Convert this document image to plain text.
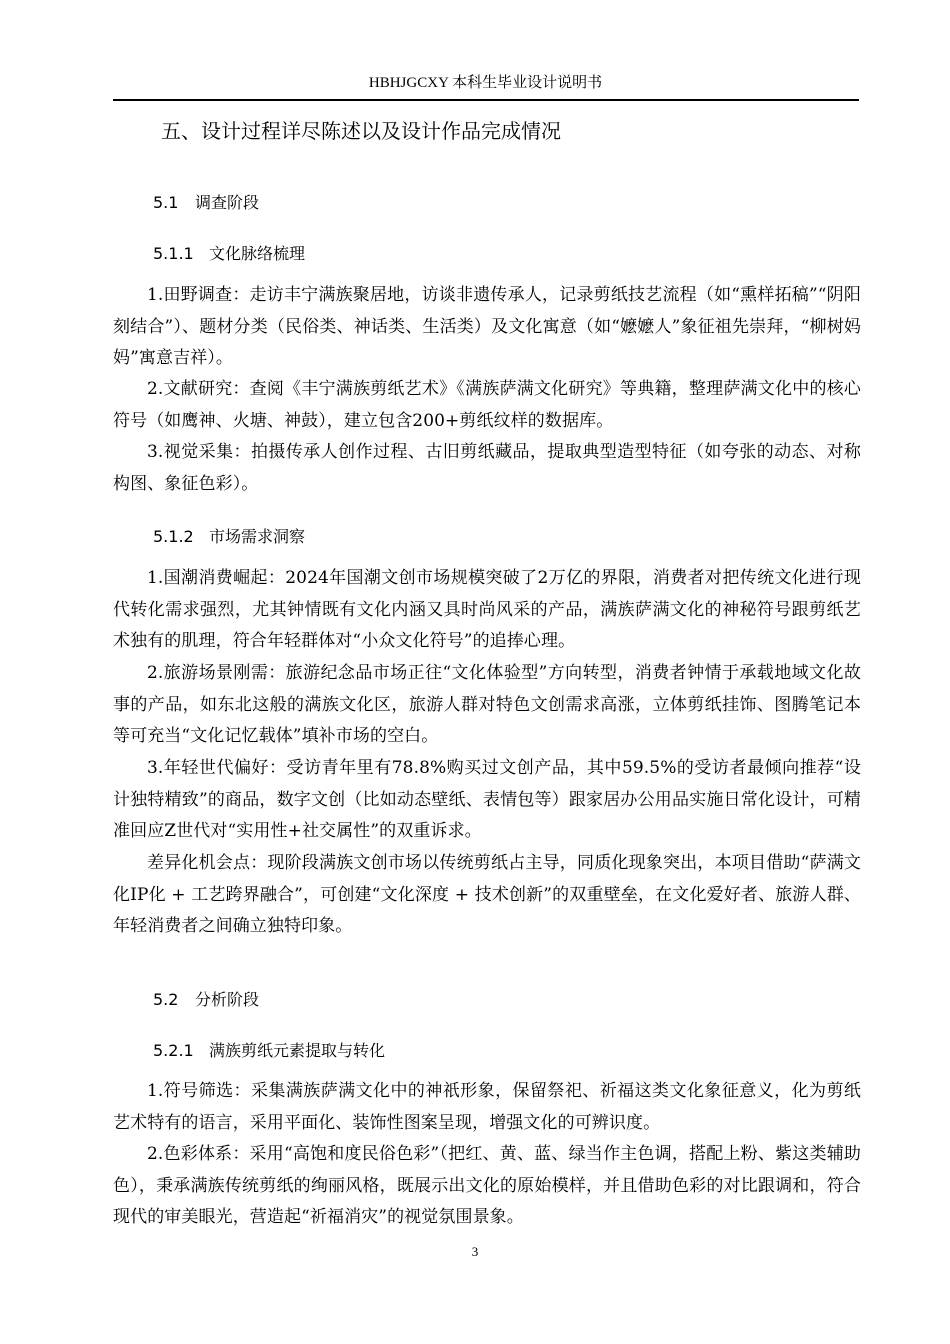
HBHJGCXY 本科生毕业设计说明书
五、设计过程详尽陈述以及设计作品完成情况
5.1 调查阶段
5.1.1 文化脉络梳理

1.田野调查：走访丰宁满族聚居地，访谈非遗传承人，记录剪纸技艺流程（如“熏样拓稿”“阴阳刻结合”）、题材分类（民俗类、神话类、生活类）及文化寓意（如“嬷嬷人”象征祖先崇拜，“柳树妈妈”寓意吉祥）。

2.文献研究：查阅《丰宁满族剪纸艺术》《满族萨满文化研究》等典籍，整理萨满文化中的核心符号（如鹰神、火塘、神鼓），建立包含200+剪纸纹样的数据库。

3.视觉采集：拍摄传承人创作过程、古旧剪纸藏品，提取典型造型特征（如夸张的动态、对称构图、象征色彩）。

5.1.2 市场需求洞察

1.国潮消费崛起：2024年国潮文创市场规模突破了2万亿的界限，消费者对把传统文化进行现代转化需求强烈，尤其钟情既有文化内涵又具时尚风采的产品，满族萨满文化的神秘符号跟剪纸艺术独有的肌理，符合年轻群体对“小众文化符号”的追捧心理。

2.旅游场景刚需：旅游纪念品市场正往“文化体验型”方向转型，消费者钟情于承载地域文化故事的产品，如东北这般的满族文化区，旅游人群对特色文创需求高涨，立体剪纸挂饰、图腾笔记本等可充当“文化记忆载体”填补市场的空白。

3.年轻世代偏好：受访青年里有78.8%购买过文创产品，其中59.5%的受访者最倾向推荐“设计独特精致”的商品，数字文创（比如动态壁纸、表情包等）跟家居办公用品实施日常化设计，可精准回应Z世代对“实用性+社交属性”的双重诉求。

差异化机会点：现阶段满族文创市场以传统剪纸占主导，同质化现象突出，本项目借助“萨满文化IP化 + 工艺跨界融合”，可创建“文化深度 + 技术创新”的双重壁垒，在文化爱好者、旅游人群、年轻消费者之间确立独特印象。

5.2 分析阶段
5.2.1 满族剪纸元素提取与转化

1.符号筛选：采集满族萨满文化中的神祇形象，保留祭祀、祈福这类文化象征意义，化为剪纸艺术特有的语言，采用平面化、装饰性图案呈现，增强文化的可辨识度。

2.色彩体系：采用“高饱和度民俗色彩”（把红、黄、蓝、绿当作主色调，搭配上粉、紫这类辅助色），秉承满族传统剪纸的绚丽风格，既展示出文化的原始模样，并且借助色彩的对比跟调和，符合现代的审美眼光，营造起“祈福消灾”的视觉氛围景象。

3
